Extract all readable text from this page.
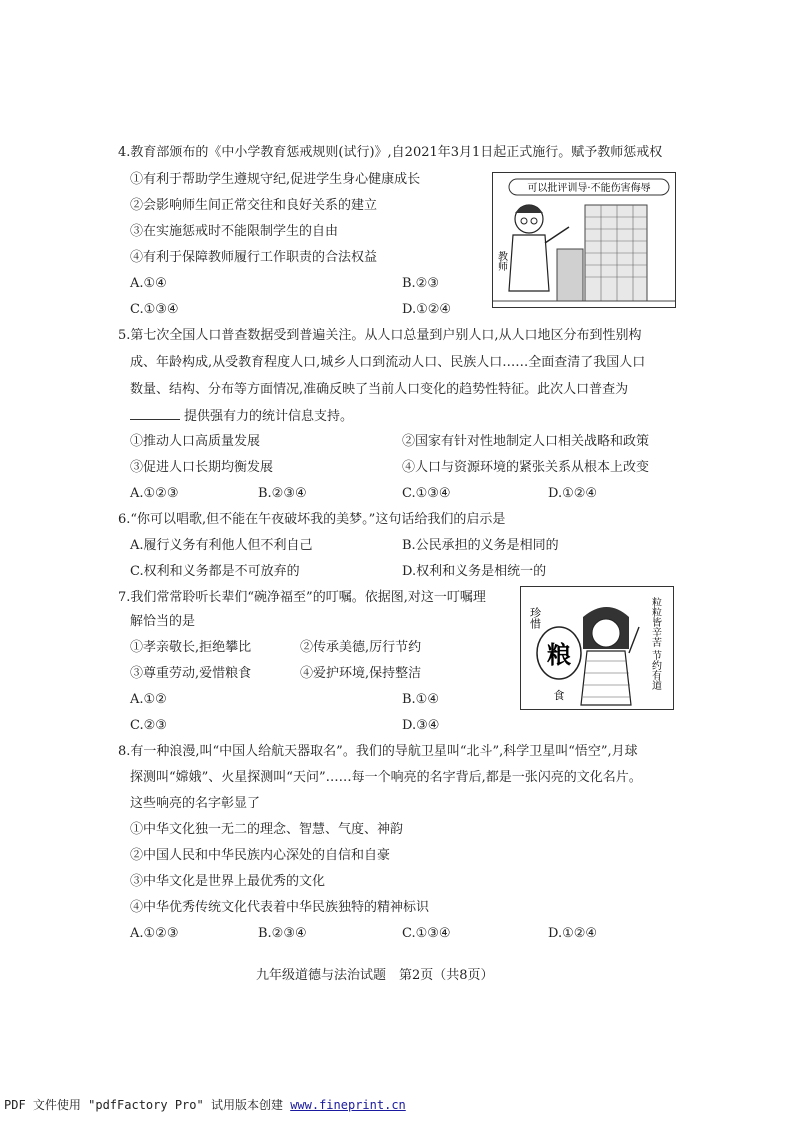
4.教育部颁布的《中小学教育惩戒规则(试行)》,自2021年3月1日起正式施行。赋予教师惩戒权
①有利于帮助学生遵规守纪,促进学生身心健康成长
②会影响师生间正常交往和良好关系的建立
③在实施惩戒时不能限制学生的自由
④有利于保障教师履行工作职责的合法权益
A.①④	B.②③
C.①③④	D.①②④
可以批评训导·不能伤害侮辱
教师
5.第七次全国人口普查数据受到普遍关注。从人口总量到户别人口,从人口地区分布到性别构
成、年龄构成,从受教育程度人口,城乡人口到流动人口、民族人口……全面查清了我国人口
数量、结构、分布等方面情况,准确反映了当前人口变化的趋势性特征。此次人口普查为
提供强有力的统计信息支持。
①推动人口高质量发展	②国家有针对性地制定人口相关战略和政策
③促进人口长期均衡发展	④人口与资源环境的紧张关系从根本上改变
A.①②③	B.②③④	C.①③④	D.①②④
6.“你可以唱歌,但不能在午夜破坏我的美梦。”这句话给我们的启示是
A.履行义务有利他人但不利自己	B.公民承担的义务是相同的
C.权利和义务都是不可放弃的	D.权利和义务是相统一的
7.我们常常聆听长辈们“碗净福至”的叮嘱。依据图,对这一叮嘱理
解恰当的是
①孝亲敬长,拒绝攀比	②传承美德,厉行节约
③尊重劳动,爱惜粮食	④爱护环境,保持整洁
A.①②	B.①④
C.②③	D.③④
珍惜
粮
食
粒粒皆辛苦 节约有道
8.有一种浪漫,叫“中国人给航天器取名”。我们的导航卫星叫“北斗”,科学卫星叫“悟空”,月球
探测叫“嫦娥”、火星探测叫“天问”……每一个响亮的名字背后,都是一张闪亮的文化名片。
这些响亮的名字彰显了
①中华文化独一无二的理念、智慧、气度、神韵
②中国人民和中华民族内心深处的自信和自豪
③中华文化是世界上最优秀的文化
④中华优秀传统文化代表着中华民族独特的精神标识
A.①②③	B.②③④	C.①③④	D.①②④
九年级道德与法治试题　第2页（共8页）
PDF 文件使用 "pdfFactory Pro" 试用版本创建 www.fineprint.cn
